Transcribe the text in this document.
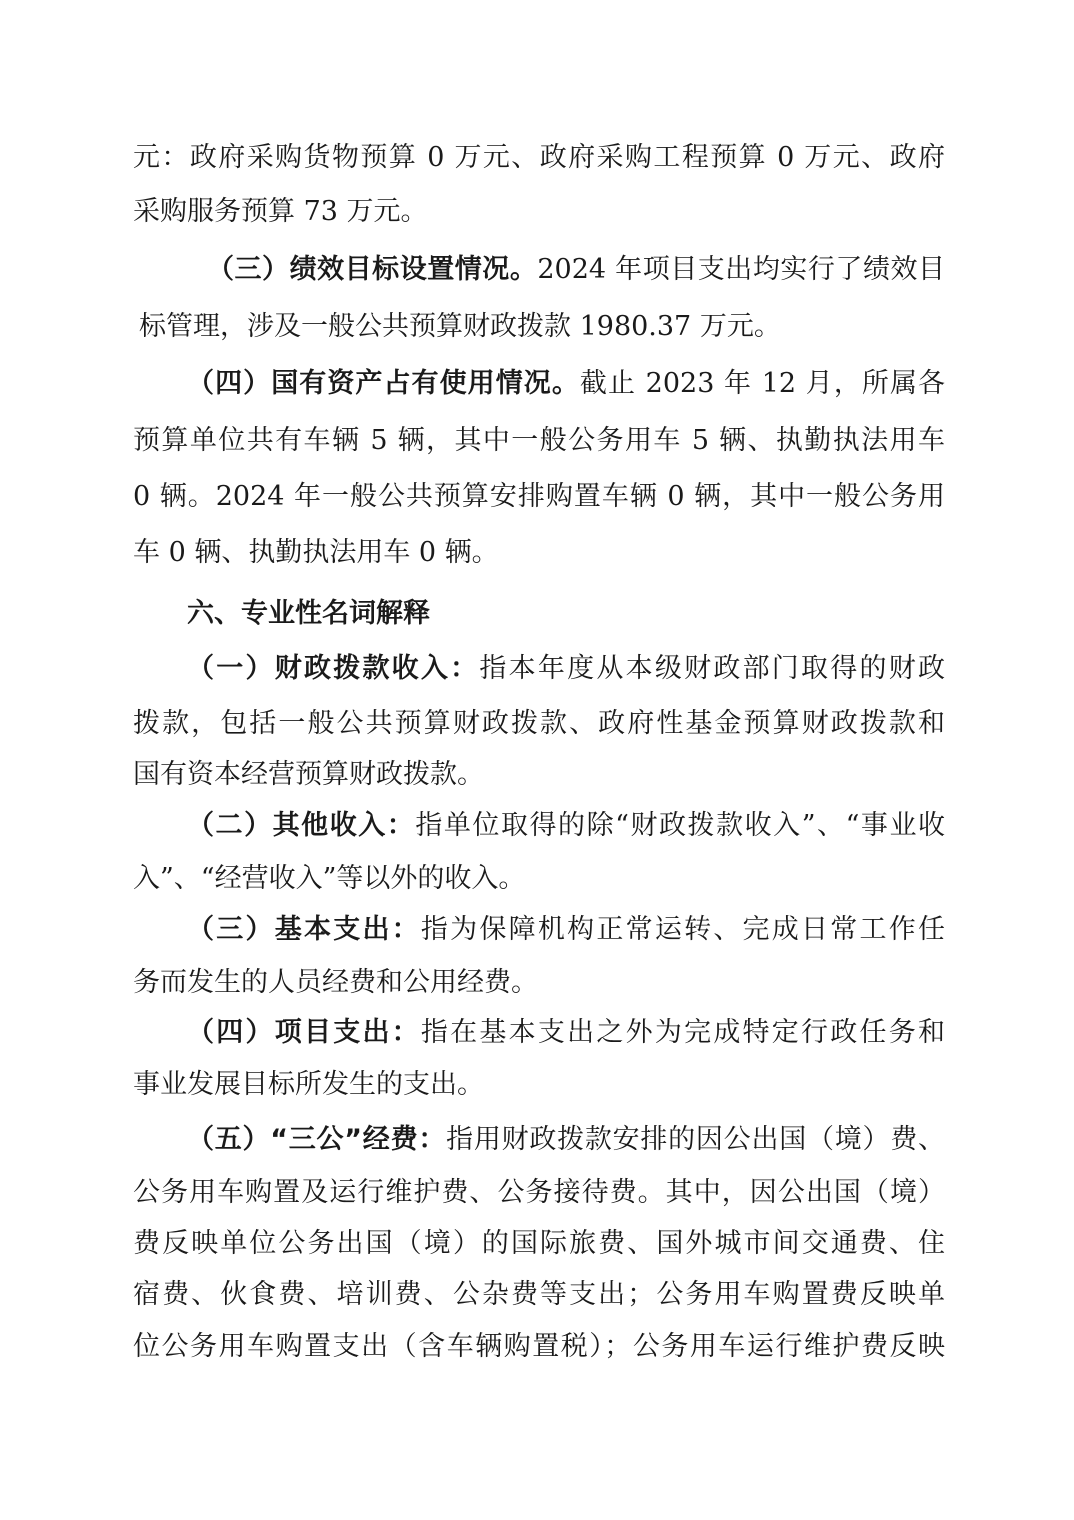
元：政府采购货物预算 0 万元、政府采购工程预算 0 万元、政府
采购服务预算 73 万元。
（三）绩效目标设置情况。2024 年项目支出均实行了绩效目
标管理，涉及一般公共预算财政拨款 1980.37 万元。
（四）国有资产占有使用情况。截止 2023 年 12 月，所属各
预算单位共有车辆 5 辆，其中一般公务用车 5 辆、执勤执法用车
0 辆。2024 年一般公共预算安排购置车辆 0 辆，其中一般公务用
车 0 辆、执勤执法用车 0 辆。
六、专业性名词解释
（一）财政拨款收入：指本年度从本级财政部门取得的财政
拨款，包括一般公共预算财政拨款、政府性基金预算财政拨款和
国有资本经营预算财政拨款。
（二）其他收入：指单位取得的除“财政拨款收入”、“事业收
入”、“经营收入”等以外的收入。
（三）基本支出：指为保障机构正常运转、完成日常工作任
务而发生的人员经费和公用经费。
（四）项目支出：指在基本支出之外为完成特定行政任务和
事业发展目标所发生的支出。
（五）“三公”经费：指用财政拨款安排的因公出国（境）费、
公务用车购置及运行维护费、公务接待费。其中，因公出国（境）
费反映单位公务出国（境）的国际旅费、国外城市间交通费、住
宿费、伙食费、培训费、公杂费等支出；公务用车购置费反映单
位公务用车购置支出（含车辆购置税）；公务用车运行维护费反映
